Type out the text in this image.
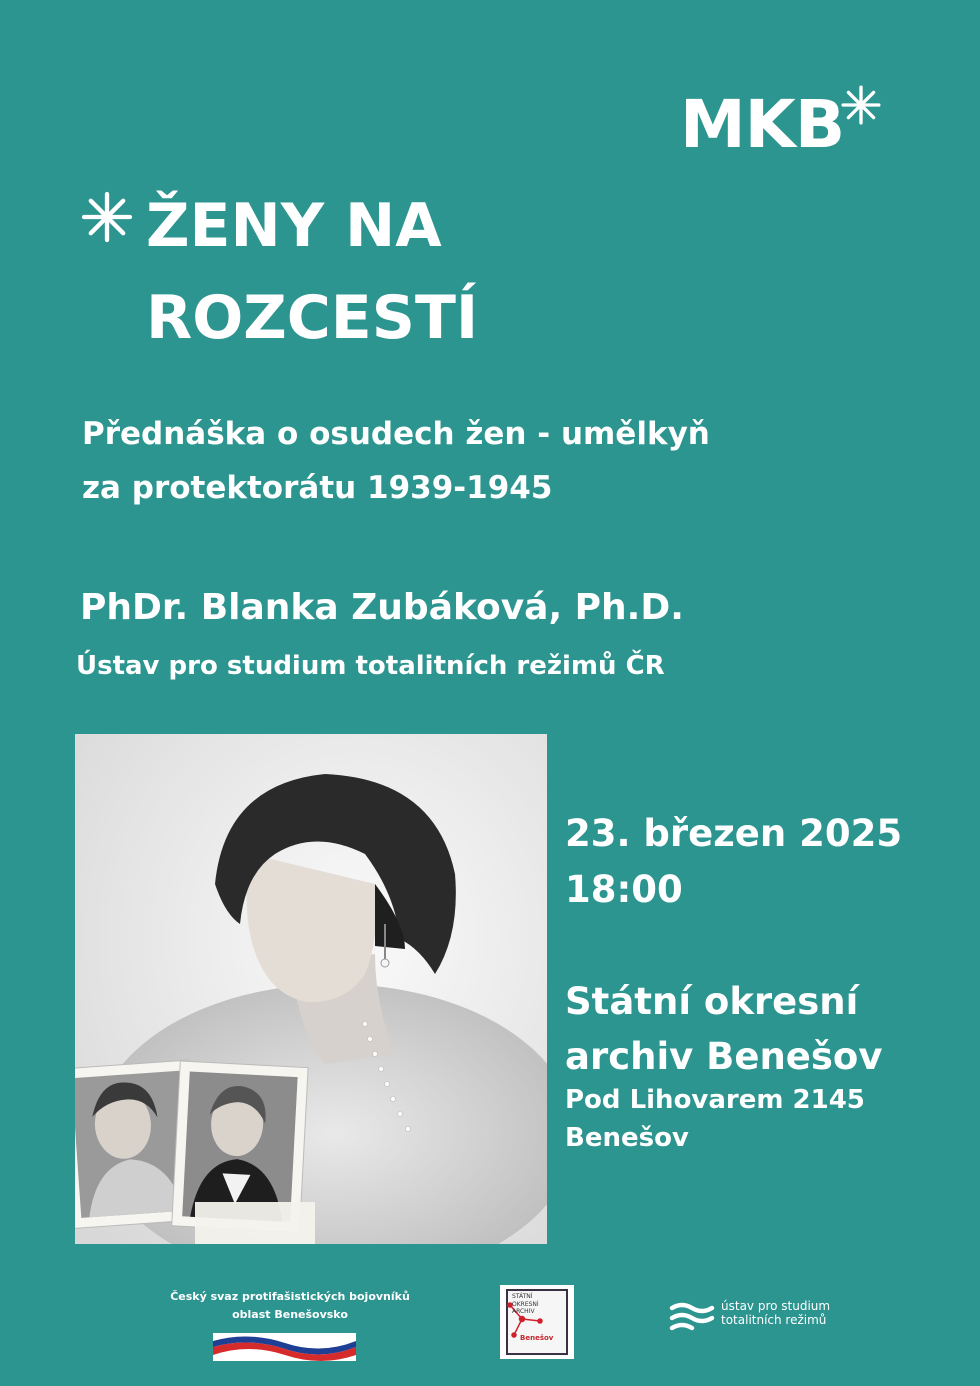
MKB
ŽENY NA
ROZCESTÍ
Přednáška o osudech žen - umělkyň
za protektorátu 1939-1945
PhDr. Blanka Zubáková, Ph.D.
Ústav pro studium totalitních režimů ČR
23. březen 2025
18:00
Státní okresní
archiv Benešov
Pod Lihovarem 2145
Benešov
Český svaz protifašistických bojovníků
oblast Benešovsko
STÁTNÍ OKRESNÍ ARCHIV
Benešov
ústav pro studium
totalitních režimů
